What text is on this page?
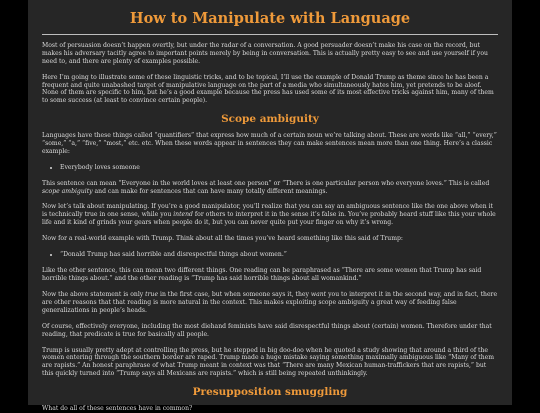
How to Manipulate with Language

Most of persuasion doesn’t happen overtly, but under the radar of a conversation. A good persuader doesn’t make his case on the record, but makes his adversary tacitly agree to important points merely by being in conversation. This is actually pretty easy to see and use yourself if you need to, and there are plenty of examples possible.

Here I’m going to illustrate some of these linguistic tricks, and to be topical, I’ll use the example of Donald Trump as theme since he has been a frequent and quite unabashed target of manipulative language on the part of a media who simultaneously hates him, yet pretends to be aloof. None of them are specific to him, but he’s a good example because the press has used some of its most effective tricks against him, many of them to some success (at least to convince certain people).

Scope ambiguity

Languages have these things called “quantifiers” that express how much of a certain noun we’re talking about. These are words like “all,” “every,” “some,” “a,” “five,” “most,” etc. etc. When these words appear in sentences they can make sentences mean more than one thing. Here’s a classic example:

• Everybody loves someone

This sentence can mean “Everyone in the world loves at least one person” or “There is one particular person who everyone loves.” This is called scope ambiguity and can make for sentences that can have many totally different meanings.

Now let’s talk about manipulating. If you’re a good manipulator, you’ll realize that you can say an ambiguous sentence like the one above when it is technically true in one sense, while you intend for others to interpret it in the sense it’s false in. You’ve probably heard stuff like this your whole life and it kind of grinds your gears when people do it, but you can never quite put your finger on why it’s wrong.

Now for a real-world example with Trump. Think about all the times you’ve heard something like this said of Trump:

• “Donald Trump has said horrible and disrespectful things about women.”

Like the other sentence, this can mean two different things. One reading can be paraphrased as “There are some women that Trump has said horrible things about.” and the other reading is “Trump has said horrible things about all womankind.”

Now the above statement is only true in the first case, but when someone says it, they want you to interpret it in the second way, and in fact, there are other reasons that that reading is more natural in the context. This makes exploiting scope ambiguity a great way of feeding false generalizations in people’s heads.

Of course, effectively everyone, including the most diehand feminists have said disrespectful things about (certain) women. Therefore under that reading, that predicate is true for basically all people.

Trump is usually pretty adept at controlling the press, but he stepped in big doo-doo when he quoted a study showing that around a third of the women entering through the southern border are raped. Trump made a huge mistake saying something maximally ambiguous like “Many of them are rapists.” An honest paraphrase of what Trump meant in context was that “There are many Mexican human-traffickers that are rapists,” but this quickly turned into “Trump says all Mexicans are rapists.” which is still being repeated unthinkingly.

Presupposition smuggling

What do all of these sentences have in common?
